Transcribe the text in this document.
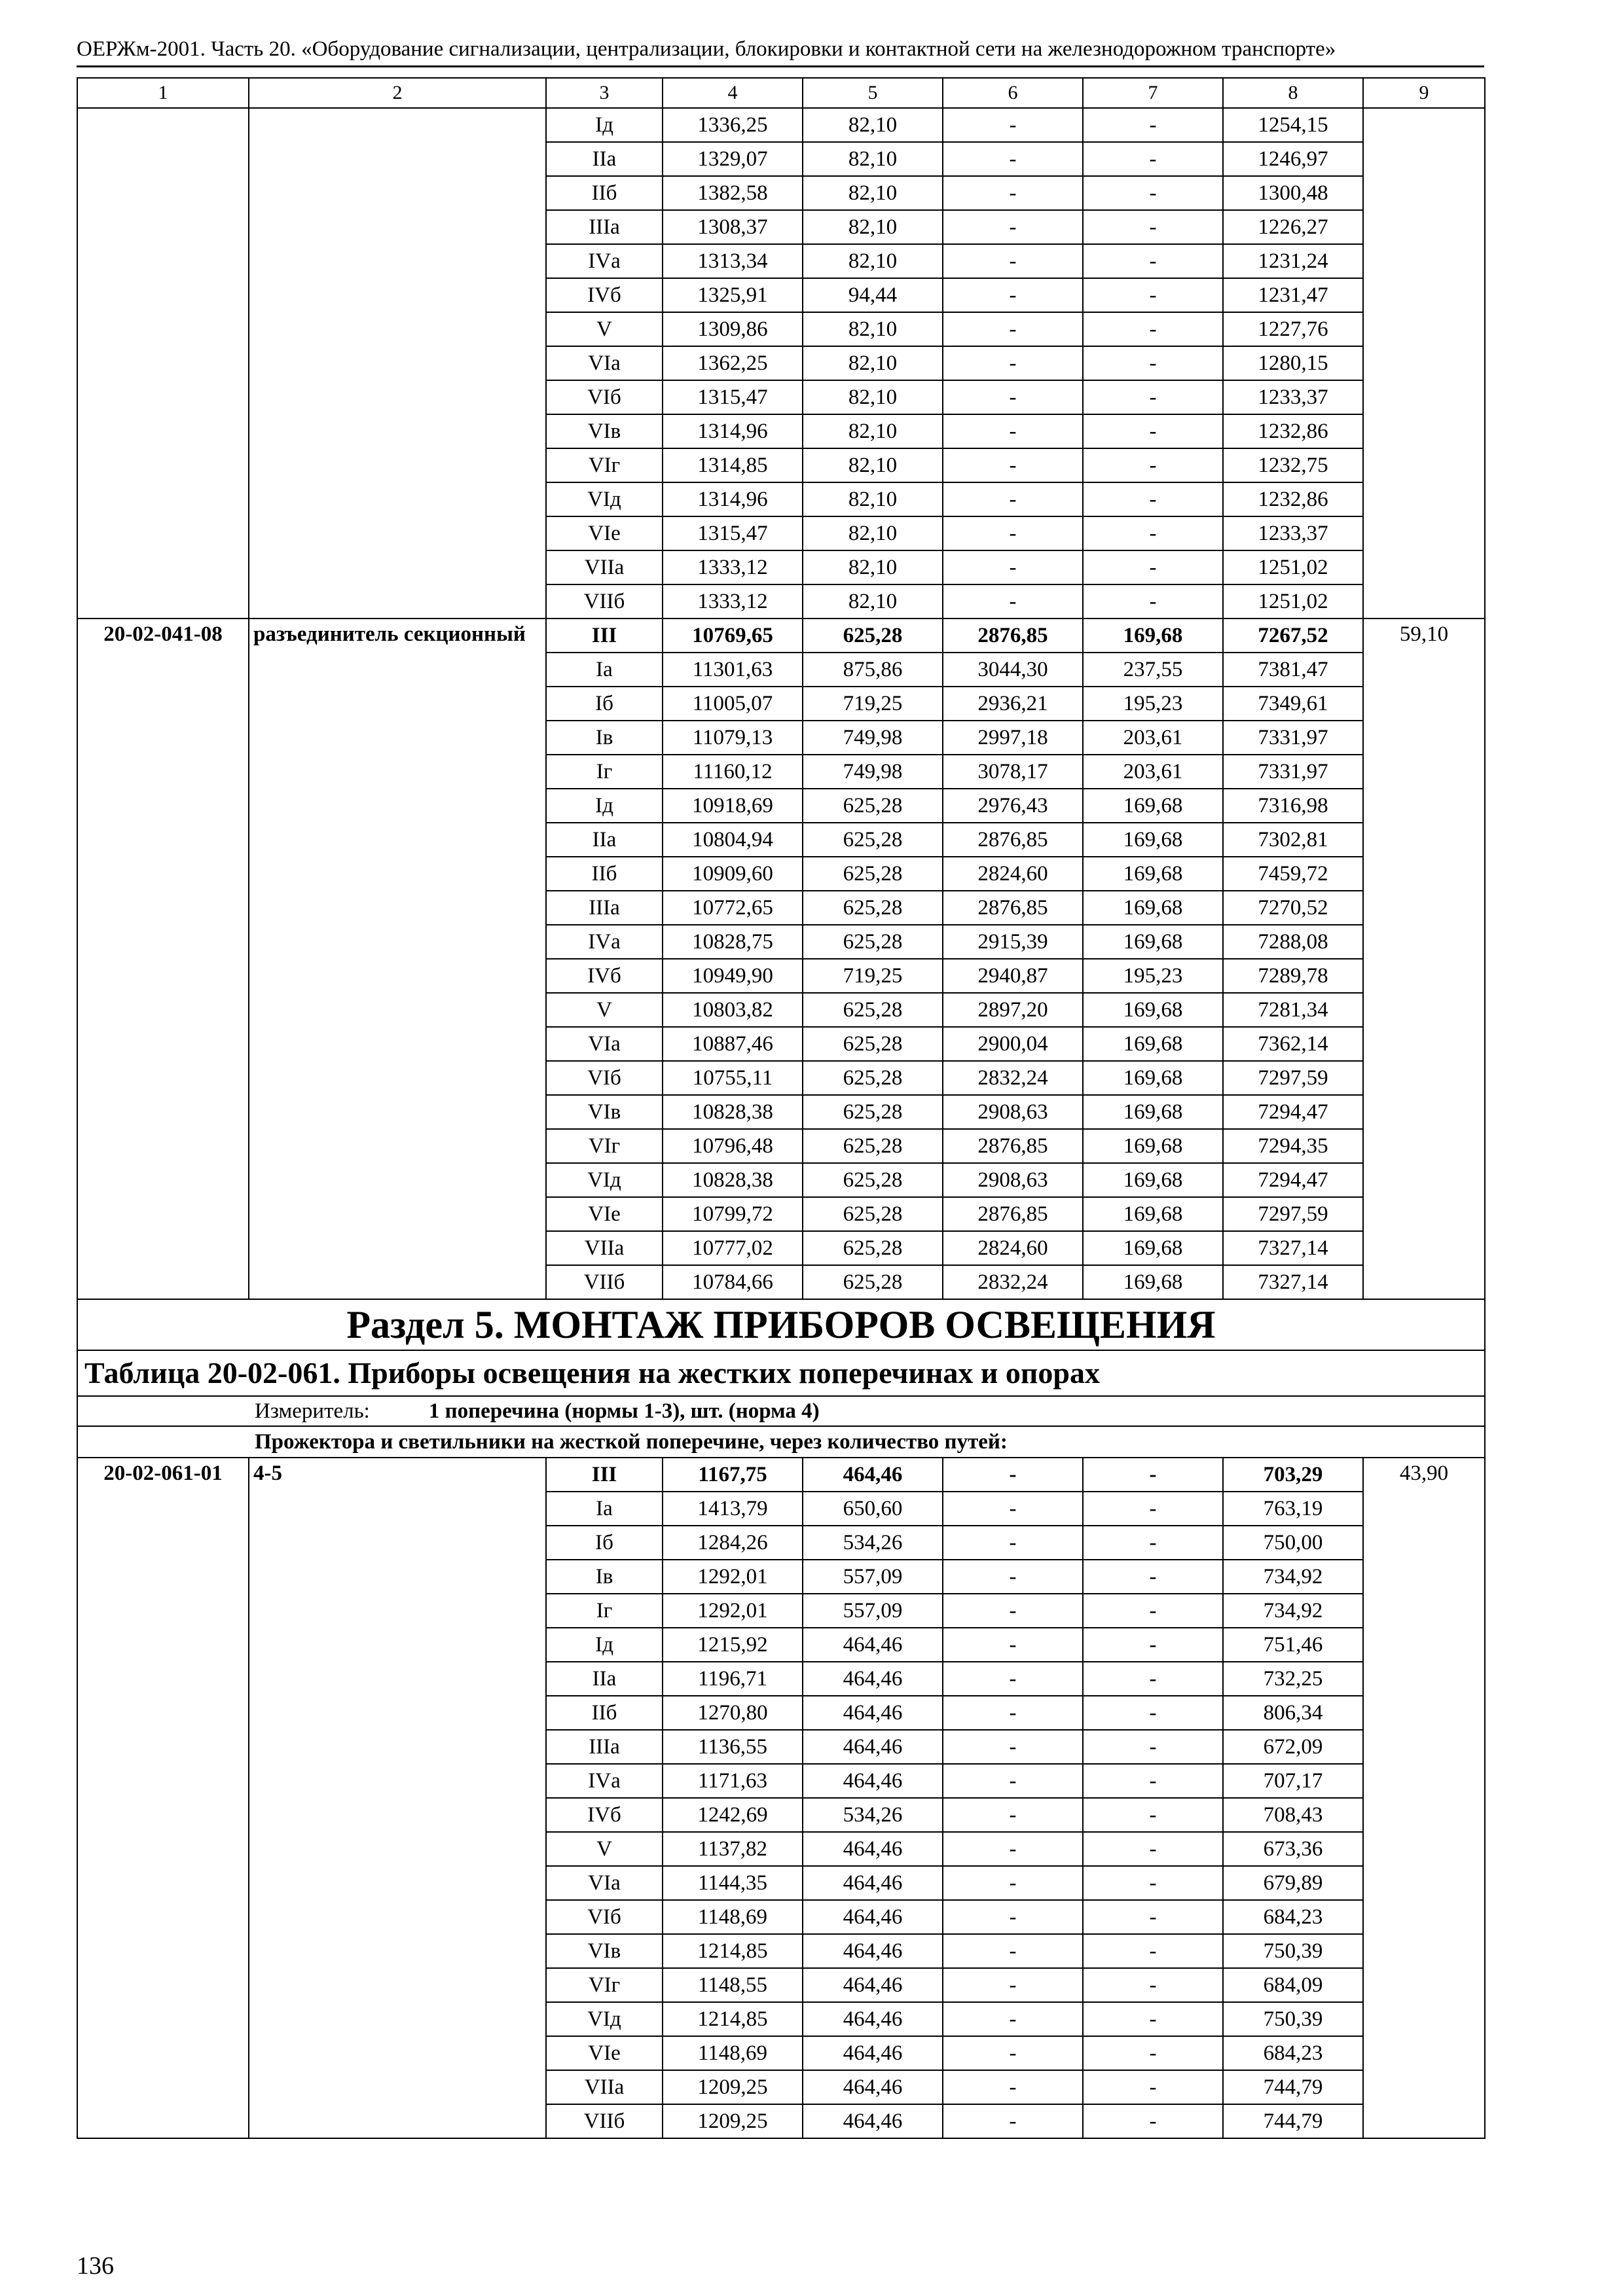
ОЕРЖм-2001. Часть 20. «Оборудование сигнализации, централизации, блокировки и контактной сети на железнодорожном транспорте»
1	2	3	4	5	6	7	8	9
		Iд	1336,25	82,10	-	-	1254,15	
		IIа	1329,07	82,10	-	-	1246,97	
		IIб	1382,58	82,10	-	-	1300,48	
		IIIа	1308,37	82,10	-	-	1226,27	
		IVа	1313,34	82,10	-	-	1231,24	
		IVб	1325,91	94,44	-	-	1231,47	
		V	1309,86	82,10	-	-	1227,76	
		VIа	1362,25	82,10	-	-	1280,15	
		VIб	1315,47	82,10	-	-	1233,37	
		VIв	1314,96	82,10	-	-	1232,86	
		VIг	1314,85	82,10	-	-	1232,75	
		VIд	1314,96	82,10	-	-	1232,86	
		VIе	1315,47	82,10	-	-	1233,37	
		VIIа	1333,12	82,10	-	-	1251,02	
		VIIб	1333,12	82,10	-	-	1251,02	
20-02-041-08	разъединитель секционный	III	10769,65	625,28	2876,85	169,68	7267,52	59,10
		Iа	11301,63	875,86	3044,30	237,55	7381,47	
		Iб	11005,07	719,25	2936,21	195,23	7349,61	
		Iв	11079,13	749,98	2997,18	203,61	7331,97	
		Iг	11160,12	749,98	3078,17	203,61	7331,97	
		Iд	10918,69	625,28	2976,43	169,68	7316,98	
		IIа	10804,94	625,28	2876,85	169,68	7302,81	
		IIб	10909,60	625,28	2824,60	169,68	7459,72	
		IIIа	10772,65	625,28	2876,85	169,68	7270,52	
		IVа	10828,75	625,28	2915,39	169,68	7288,08	
		IVб	10949,90	719,25	2940,87	195,23	7289,78	
		V	10803,82	625,28	2897,20	169,68	7281,34	
		VIа	10887,46	625,28	2900,04	169,68	7362,14	
		VIб	10755,11	625,28	2832,24	169,68	7297,59	
		VIв	10828,38	625,28	2908,63	169,68	7294,47	
		VIг	10796,48	625,28	2876,85	169,68	7294,35	
		VIд	10828,38	625,28	2908,63	169,68	7294,47	
		VIе	10799,72	625,28	2876,85	169,68	7297,59	
		VIIа	10777,02	625,28	2824,60	169,68	7327,14	
		VIIб	10784,66	625,28	2832,24	169,68	7327,14	
Раздел 5. МОНТАЖ ПРИБОРОВ ОСВЕЩЕНИЯ								
Таблица 20-02-061. Приборы освещения на жестких поперечинах и опорах								
Измеритель: 1 поперечина (нормы 1-3), шт. (норма 4)								
Прожектора и светильники на жесткой поперечине, через количество путей:								
20-02-061-01	4-5	III	1167,75	464,46	-	-	703,29	43,90
		Iа	1413,79	650,60	-	-	763,19	
		Iб	1284,26	534,26	-	-	750,00	
		Iв	1292,01	557,09	-	-	734,92	
		Iг	1292,01	557,09	-	-	734,92	
		Iд	1215,92	464,46	-	-	751,46	
		IIа	1196,71	464,46	-	-	732,25	
		IIб	1270,80	464,46	-	-	806,34	
		IIIа	1136,55	464,46	-	-	672,09	
		IVа	1171,63	464,46	-	-	707,17	
		IVб	1242,69	534,26	-	-	708,43	
		V	1137,82	464,46	-	-	673,36	
		VIа	1144,35	464,46	-	-	679,89	
		VIб	1148,69	464,46	-	-	684,23	
		VIв	1214,85	464,46	-	-	750,39	
		VIг	1148,55	464,46	-	-	684,09	
		VIд	1214,85	464,46	-	-	750,39	
		VIе	1148,69	464,46	-	-	684,23	
		VIIа	1209,25	464,46	-	-	744,79	
		VIIб	1209,25	464,46	-	-	744,79	
136
